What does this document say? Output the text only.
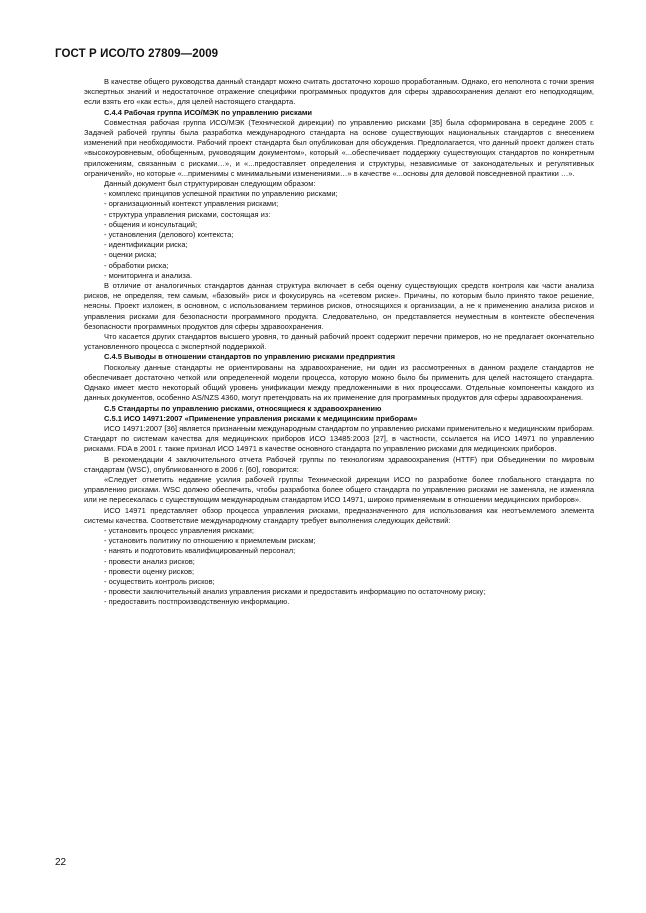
ГОСТ Р ИСО/ТО 27809—2009

В качестве общего руководства данный стандарт можно считать достаточно хорошо проработанным. Однако, его неполнота с точки зрения экспертных знаний и недостаточное отражение специфики программных продуктов для сферы здравоохранения делают его неподходящим, если взять его «как есть», для целей настоящего стандарта.

С.4.4 Рабочая группа ИСО/МЭК по управлению рисками

Совместная рабочая группа ИСО/МЭК (Технической дирекции) по управлению рисками [35] была сформирована в середине 2005 г. Задачей рабочей группы была разработка международного стандарта на основе существующих национальных стандартов с внесением изменений при необходимости. Рабочий проект стандарта был опубликован для обсуждения. Предполагается, что данный проект должен стать «высокоуровневым, обобщенным, руководящим документом», который «...обеспечивает поддержку существующих стандартов по конкретным приложениям, связанным с рисками…», и «...предоставляет определения и структуры, независимые от законодательных и регулятивных ограничений», но которые «...применимы с минимальными изменениями…» в качестве «...основы для деловой повседневной практики …».

Данный документ был структурирован следующим образом:

- комплекс принципов успешной практики по управлению рисками;

- организационный контекст управления рисками;

- структура управления рисками, состоящая из:

- общения и консультаций;

- установления (делового) контекста;

- идентификации риска;

- оценки риска;

- обработки риска;

- мониторинга и анализа.

В отличие от аналогичных стандартов данная структура включает в себя оценку существующих средств контроля как части анализа рисков, не определяя, тем самым, «базовый» риск и фокусируясь на «сетевом риске». Причины, по которым было принято такое решение, неясны. Проект изложен, в основном, с использованием терминов рисков, относящихся к организации, а не к применению анализа рисков и управления рисками для безопасности программного продукта. Следовательно, он представляется неуместным в контексте обеспечения безопасности программных продуктов для сферы здравоохранения.

Что касается других стандартов высшего уровня, то данный рабочий проект содержит перечни примеров, но не предлагает окончательно установленного процесса с экспертной поддержкой.

С.4.5 Выводы в отношении стандартов по управлению рисками предприятия

Поскольку данные стандарты не ориентированы на здравоохранение, ни один из рассмотренных в данном разделе стандартов не обеспечивает достаточно четкой или определенной модели процесса, которую можно было бы применить для целей настоящего стандарта. Однако имеет место некоторый общий уровень унификации между предложенными в них процессами. Отдельные компоненты каждого из данных документов, особенно AS/NZS 4360, могут претендовать на их применение для программных продуктов для сферы здравоохранения.

С.5 Стандарты по управлению рисками, относящиеся к здравоохранению

С.5.1 ИСО 14971:2007 «Применение управления рисками к медицинским приборам»

ИСО 14971:2007 [36] является признанным международным стандартом по управлению рисками применительно к медицинским приборам. Стандарт по системам качества для медицинских приборов ИСО 13485:2003 [27], в частности, ссылается на ИСО 14971 по управлению рисками. FDA в 2001 г. также признал ИСО 14971 в качестве основного стандарта по управлению рисками для медицинских приборов.

В рекомендации 4 заключительного отчета Рабочей группы по технологиям здравоохранения (HTTF) при Объединении по мировым стандартам (WSC), опубликованного в 2006 г. [60], говорится:

«Следует отметить недавние усилия рабочей группы Технической дирекции ИСО по разработке более глобального стандарта по управлению рисками. WSC должно обеспечить, чтобы разработка более общего стандарта по управлению рисками не заменяла, не изменяла или не пересекалась с существующим международным стандартом ИСО 14971, широко применяемым в отношении медицинских приборов».

ИСО 14971 представляет обзор процесса управления рисками, предназначенного для использования как неотъемлемого элемента системы качества. Соответствие международному стандарту требует выполнения следующих действий:

- установить процесс управления рисками;

- установить политику по отношению к приемлемым рискам;

- нанять и подготовить квалифицированный персонал;

- провести анализ рисков;

- провести оценку рисков;

- осуществить контроль рисков;

- провести заключительный анализ управления рисками и предоставить информацию по остаточному риску;

- предоставить постпроизводственную информацию.

22
